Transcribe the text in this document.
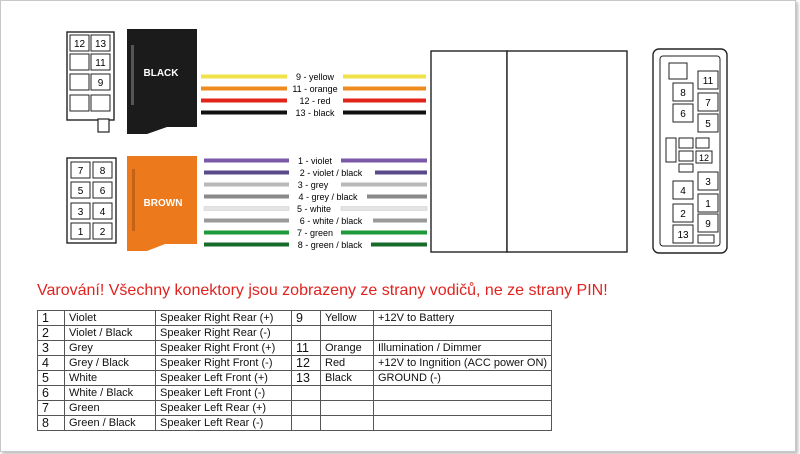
12 13
11
9
BLACK
7 8
5 6
3 4
1 2
BROWN
9 - yellow
11 - orange
12 - red
13 - black
1 - violet
2 - violet / black
3 - grey
4 - grey / black
5 - white
6 - white / black
7 - green
8 - green / black
11
8
7
6
5
12
3
4
1
2
9
13
Varování! Všechny konektory jsou zobrazeny ze strany vodičů, ne ze strany PIN!
1	Violet	Speaker Right Rear (+)	9	Yellow	+12V to Battery
2	Violet / Black	Speaker Right Rear (-)			
3	Grey	Speaker Right Front (+)	11	Orange	Illumination / Dimmer
4	Grey / Black	Speaker Right Front (-)	12	Red	+12V to Ingnition (ACC power ON)
5	White	Speaker Left Front (+)	13	Black	GROUND (-)
6	White / Black	Speaker Left Front (-)			
7	Green	Speaker Left Rear (+)			
8	Green / Black	Speaker Left Rear (-)			
